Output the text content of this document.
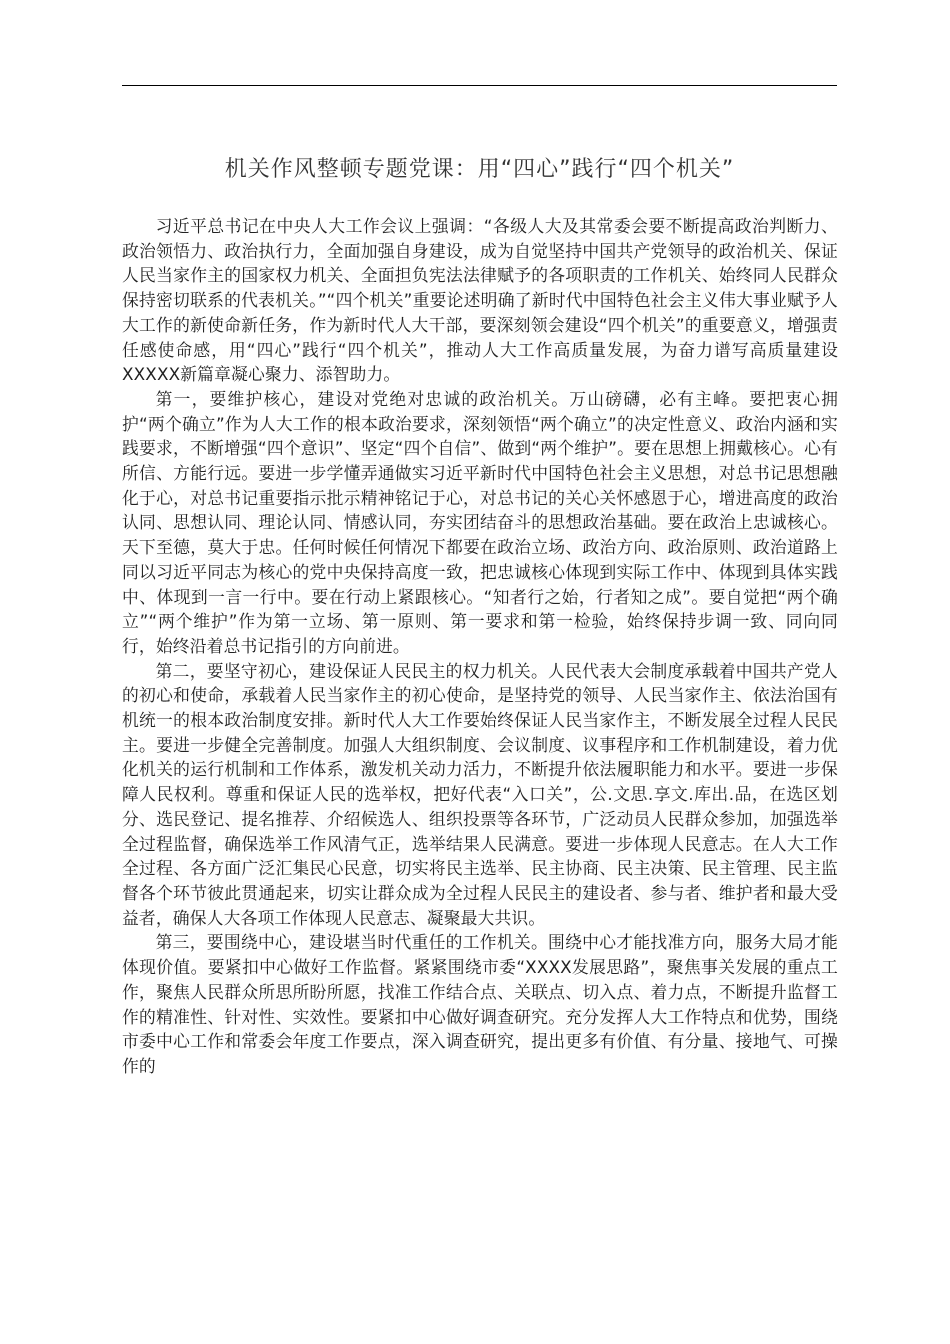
机关作风整顿专题党课：用“四心”践行“四个机关”

习近平总书记在中央人大工作会议上强调：“各级人大及其常委会要不断提高政治判断力、政治领悟力、政治执行力，全面加强自身建设，成为自觉坚持中国共产党领导的政治机关、保证人民当家作主的国家权力机关、全面担负宪法法律赋予的各项职责的工作机关、始终同人民群众保持密切联系的代表机关。”“四个机关”重要论述明确了新时代中国特色社会主义伟大事业赋予人大工作的新使命新任务，作为新时代人大干部，要深刻领会建设“四个机关”的重要意义，增强责任感使命感，用“四心”践行“四个机关”，推动人大工作高质量发展，为奋力谱写高质量建设XXXXX新篇章凝心聚力、添智助力。

第一，要维护核心，建设对党绝对忠诚的政治机关。万山磅礴，必有主峰。要把衷心拥护“两个确立”作为人大工作的根本政治要求，深刻领悟“两个确立”的决定性意义、政治内涵和实践要求，不断增强“四个意识”、坚定“四个自信”、做到“两个维护”。要在思想上拥戴核心。心有所信、方能行远。要进一步学懂弄通做实习近平新时代中国特色社会主义思想，对总书记思想融化于心，对总书记重要指示批示精神铭记于心，对总书记的关心关怀感恩于心，增进高度的政治认同、思想认同、理论认同、情感认同，夯实团结奋斗的思想政治基础。要在政治上忠诚核心。天下至德，莫大于忠。任何时候任何情况下都要在政治立场、政治方向、政治原则、政治道路上同以习近平同志为核心的党中央保持高度一致，把忠诚核心体现到实际工作中、体现到具体实践中、体现到一言一行中。要在行动上紧跟核心。“知者行之始，行者知之成”。要自觉把“两个确立”“两个维护”作为第一立场、第一原则、第一要求和第一检验，始终保持步调一致、同向同行，始终沿着总书记指引的方向前进。

第二，要坚守初心，建设保证人民民主的权力机关。人民代表大会制度承载着中国共产党人的初心和使命，承载着人民当家作主的初心使命，是坚持党的领导、人民当家作主、依法治国有机统一的根本政治制度安排。新时代人大工作要始终保证人民当家作主，不断发展全过程人民民主。要进一步健全完善制度。加强人大组织制度、会议制度、议事程序和工作机制建设，着力优化机关的运行机制和工作体系，激发机关动力活力，不断提升依法履职能力和水平。要进一步保障人民权利。尊重和保证人民的选举权，把好代表“入口关”，公.文思.享文.库出.品，在选区划分、选民登记、提名推荐、介绍候选人、组织投票等各环节，广泛动员人民群众参加，加强选举全过程监督，确保选举工作风清气正，选举结果人民满意。要进一步体现人民意志。在人大工作全过程、各方面广泛汇集民心民意，切实将民主选举、民主协商、民主决策、民主管理、民主监督各个环节彼此贯通起来，切实让群众成为全过程人民民主的建设者、参与者、维护者和最大受益者，确保人大各项工作体现人民意志、凝聚最大共识。

第三，要围绕中心，建设堪当时代重任的工作机关。围绕中心才能找准方向，服务大局才能体现价值。要紧扣中心做好工作监督。紧紧围绕市委“XXXX发展思路”，聚焦事关发展的重点工作，聚焦人民群众所思所盼所愿，找准工作结合点、关联点、切入点、着力点，不断提升监督工作的精准性、针对性、实效性。要紧扣中心做好调查研究。充分发挥人大工作特点和优势，围绕市委中心工作和常委会年度工作要点，深入调查研究，提出更多有价值、有分量、接地气、可操作的
